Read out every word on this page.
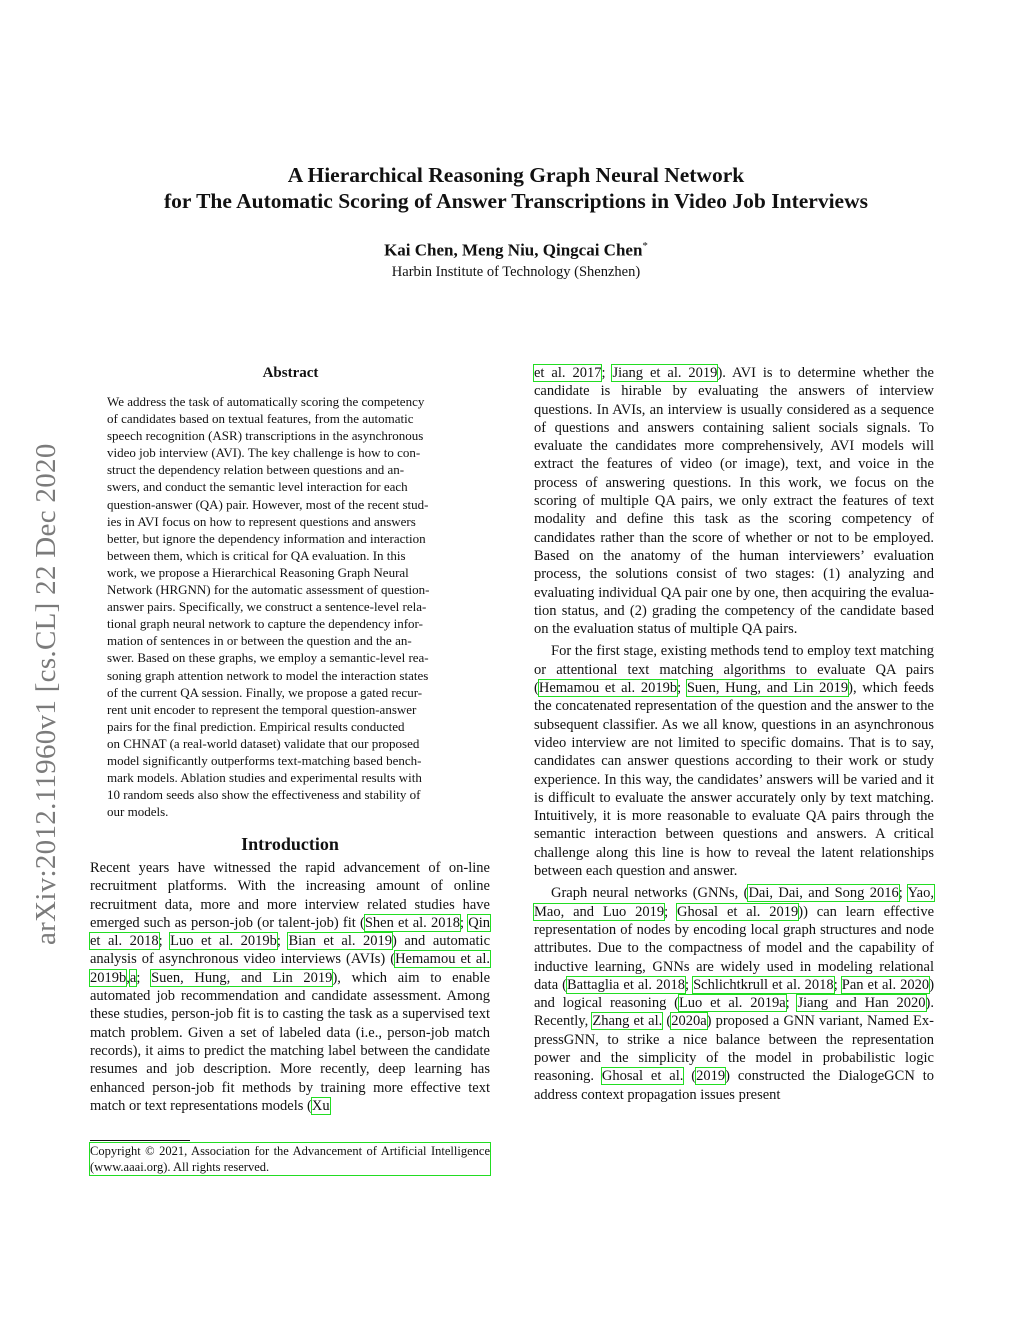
A Hierarchical Reasoning Graph Neural Network
for The Automatic Scoring of Answer Transcriptions in Video Job Interviews
Kai Chen, Meng Niu, Qingcai Chen*
Harbin Institute of Technology (Shenzhen)
arXiv:2012.11960v1 [cs.CL] 22 Dec 2020
Abstract
We address the task of automatically scoring the competency
of candidates based on textual features, from the automatic
speech recognition (ASR) transcriptions in the asynchronous
video job interview (AVI). The key challenge is how to con-
struct the dependency relation between questions and an-
swers, and conduct the semantic level interaction for each
question-answer (QA) pair. However, most of the recent stud-
ies in AVI focus on how to represent questions and answers
better, but ignore the dependency information and interaction
between them, which is critical for QA evaluation. In this
work, we propose a Hierarchical Reasoning Graph Neural
Network (HRGNN) for the automatic assessment of question-
answer pairs. Specifically, we construct a sentence-level rela-
tional graph neural network to capture the dependency infor-
mation of sentences in or between the question and the an-
swer. Based on these graphs, we employ a semantic-level rea-
soning graph attention network to model the interaction states
of the current QA session. Finally, we propose a gated recur-
rent unit encoder to represent the temporal question-answer
pairs for the final prediction. Empirical results conducted
on CHNAT (a real-world dataset) validate that our proposed
model significantly outperforms text-matching based bench-
mark models. Ablation studies and experimental results with
10 random seeds also show the effectiveness and stability of
our models.
Introduction

Recent years have witnessed the rapid advancement of on-line recruitment platforms. With the increasing amount of online recruitment data, more and more interview related studies have emerged such as person-job (or talent-job) fit (Shen et al. 2018; Qin et al. 2018; Luo et al. 2019b; Bian et al. 2019) and automatic analysis of asynchronous video interviews (AVIs) (Hemamou et al. 2019b,a; Suen, Hung, and Lin 2019), which aim to enable automated job recommendation and candidate assessment. Among these studies, person-job fit is to casting the task as a supervised text match problem. Given a set of labeled data (i.e., person-job match records), it aims to predict the matching label between the candidate resumes and job description. More recently, deep learning has enhanced person-job fit methods by training more effective text match or text representations models (Xu

Copyright © 2021, Association for the Advancement of Artificial Intelligence (www.aaai.org). All rights reserved.

et al. 2017; Jiang et al. 2019). AVI is to determine whether the candidate is hirable by evaluating the answers of interview questions. In AVIs, an interview is usually considered as a sequence of questions and answers containing salient socials signals. To evaluate the candidates more comprehensively, AVI models will extract the features of video (or image), text, and voice in the process of answering questions. In this work, we focus on the scoring of multiple QA pairs, we only extract the features of text modality and define this task as the scoring competency of candidates rather than the score of whether or not to be employed. Based on the anatomy of the human interviewers’ evaluation process, the solutions consist of two stages: (1) analyzing and evaluating individual QA pair one by one, then acquiring the evaluation status, and (2) grading the competency of the candidate based on the evaluation status of multiple QA pairs.

For the first stage, existing methods tend to employ text matching or attentional text matching algorithms to evaluate QA pairs (Hemamou et al. 2019b; Suen, Hung, and Lin 2019), which feeds the concatenated representation of the question and the answer to the subsequent classifier. As we all know, questions in an asynchronous video interview are not limited to specific domains. That is to say, candidates can answer questions according to their work or study experience. In this way, the candidates’ answers will be varied and it is difficult to evaluate the answer accurately only by text matching. Intuitively, it is more reasonable to evaluate QA pairs through the semantic interaction between questions and answers. A critical challenge along this line is how to reveal the latent relationships between each question and answer.

Graph neural networks (GNNs, (Dai, Dai, and Song 2016; Yao, Mao, and Luo 2019; Ghosal et al. 2019)) can learn effective representation of nodes by encoding local graph structures and node attributes. Due to the compactness of model and the capability of inductive learning, GNNs are widely used in modeling relational data (Battaglia et al. 2018; Schlichtkrull et al. 2018; Pan et al. 2020) and logical reasoning (Luo et al. 2019a; Jiang and Han 2020). Recently, Zhang et al. (2020a) proposed a GNN variant, Named ExpressGNN, to strike a nice balance between the representation power and the simplicity of the model in probabilistic logic reasoning. Ghosal et al. (2019) constructed the DialogeGCN to address context propagation issues present
